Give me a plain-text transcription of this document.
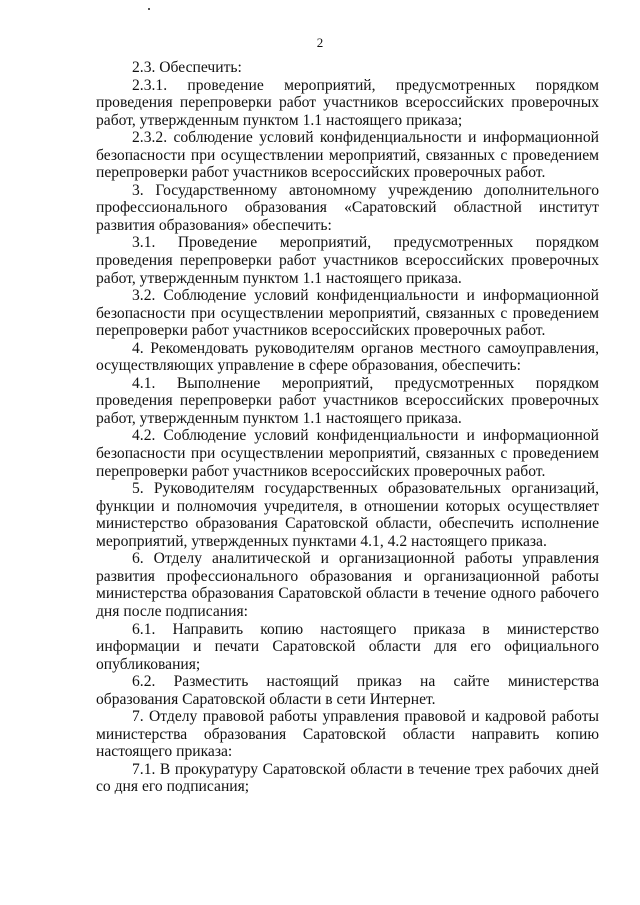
2

2.3. Обеспечить:

2.3.1. проведение мероприятий, предусмотренных порядком проведения перепроверки работ участников всероссийских проверочных работ, утвержденным пунктом 1.1 настоящего приказа;

2.3.2. соблюдение условий конфиденциальности и информационной безопасности при осуществлении мероприятий, связанных с проведением перепроверки работ участников всероссийских проверочных работ.

3. Государственному автономному учреждению дополнительного профессионального образования «Саратовский областной институт развития образования» обеспечить:

3.1. Проведение мероприятий, предусмотренных порядком проведения перепроверки работ участников всероссийских проверочных работ, утвержденным пунктом 1.1 настоящего приказа.

3.2. Соблюдение условий конфиденциальности и информационной безопасности при осуществлении мероприятий, связанных с проведением перепроверки работ участников всероссийских проверочных работ.

4. Рекомендовать руководителям органов местного самоуправления, осуществляющих управление в сфере образования, обеспечить:

4.1. Выполнение мероприятий, предусмотренных порядком проведения перепроверки работ участников всероссийских проверочных работ, утвержденным пунктом 1.1 настоящего приказа.

4.2. Соблюдение условий конфиденциальности и информационной безопасности при осуществлении мероприятий, связанных с проведением перепроверки работ участников всероссийских проверочных работ.

5. Руководителям государственных образовательных организаций, функции и полномочия учредителя, в отношении которых осуществляет министерство образования Саратовской области, обеспечить исполнение мероприятий, утвержденных пунктами 4.1, 4.2 настоящего приказа.

6. Отделу аналитической и организационной работы управления развития профессионального образования и организационной работы министерства образования Саратовской области в течение одного рабочего дня после подписания:

6.1. Направить копию настоящего приказа в министерство информации и печати Саратовской области для его официального опубликования;

6.2. Разместить настоящий приказ на сайте министерства образования Саратовской области в сети Интернет.

7. Отделу правовой работы управления правовой и кадровой работы министерства образования Саратовской области направить копию настоящего приказа:

7.1. В прокуратуру Саратовской области в течение трех рабочих дней со дня его подписания;
